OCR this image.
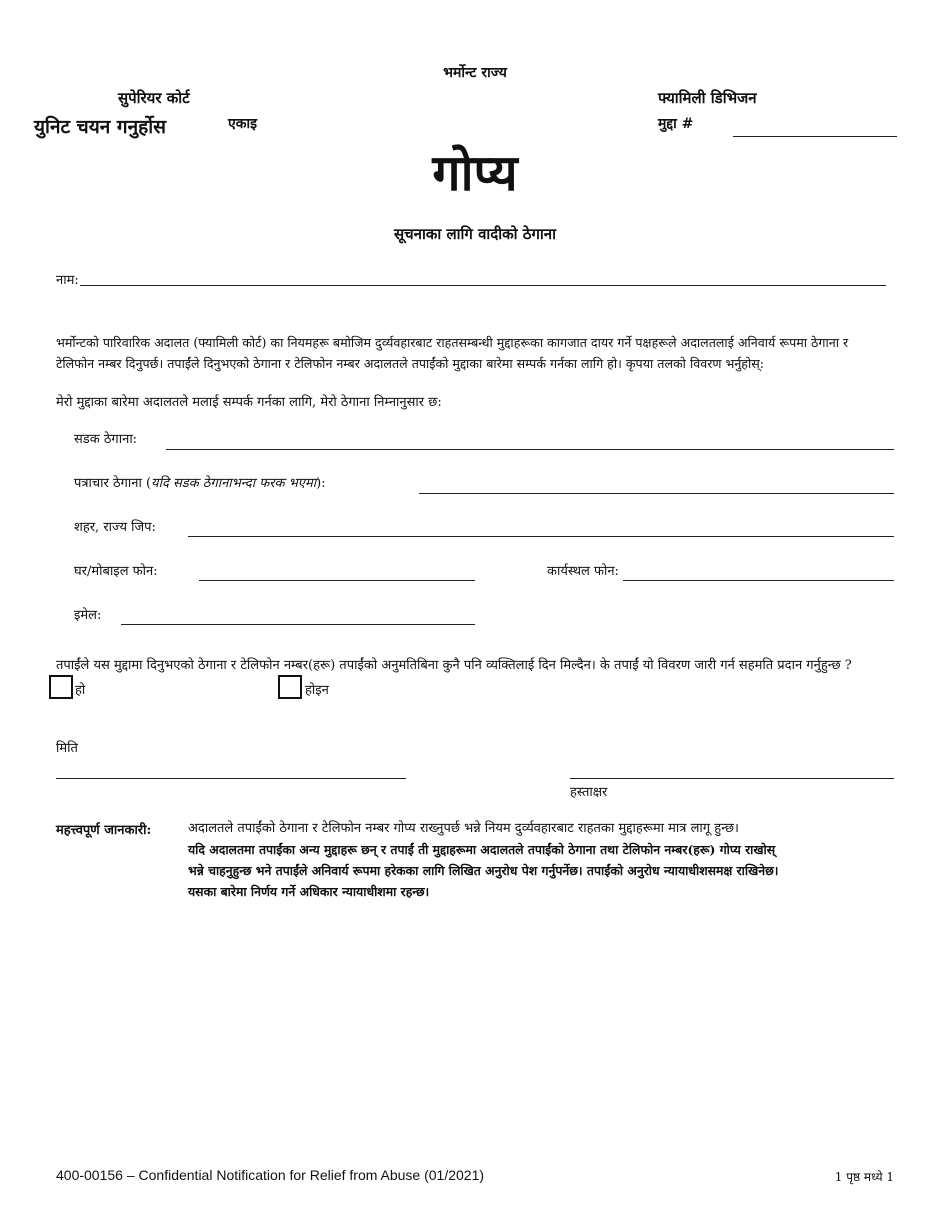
भर्मोन्ट राज्य
सुपेरियर कोर्ट
युनिट चयन गनुर्होस	एकाइ
फ्यामिली डिभिजन
मुद्दा #
गोप्य
सूचनाका लागि वादीको ठेगाना
नाम:
भर्मोन्टको पारिवारिक अदालत (फ्यामिली कोर्ट) का नियमहरू बमोजिम दुर्व्यवहारबाट राहतसम्बन्धी मुद्दाहरूका कागजात दायर गर्ने पक्षहरूले अदालतलाई अनिवार्य रूपमा ठेगाना र
टेलिफोन नम्बर दिनुपर्छ। तपाईंले दिनुभएको ठेगाना र टेलिफोन नम्बर अदालतले तपाईंको मुद्दाका बारेमा सम्पर्क गर्नका लागि हो। कृपया तलको विवरण भर्नुहोस्:
मेरो मुद्दाका बारेमा अदालतले मलाई सम्पर्क गर्नका लागि, मेरो ठेगाना निम्नानुसार छ:
सडक ठेगाना:
पत्राचार ठेगाना (यदि सडक ठेगानाभन्दा फरक भएमा):
शहर, राज्य जिप:
घर/मोबाइल फोन:	कार्यस्थल फोन:
इमेल:
तपाईंले यस मुद्दामा दिनुभएको ठेगाना र टेलिफोन नम्बर(हरू) तपाईंको अनुमतिबिना कुनै पनि व्यक्तिलाई दिन मिल्दैन। के तपाईं यो विवरण जारी गर्न सहमति प्रदान गर्नुहुन्छ ?
हो	होइन
मिति
हस्ताक्षर
महत्त्वपूर्ण जानकारी:	अदालतले तपाईंको ठेगाना र टेलिफोन नम्बर गोप्य राख्नुपर्छ भन्ने नियम दुर्व्यवहारबाट राहतका मुद्दाहरूमा मात्र लागू हुन्छ।
यदि अदालतमा तपाईंका अन्य मुद्दाहरू छन् र तपाईं ती मुद्दाहरूमा अदालतले तपाईंको ठेगाना तथा टेलिफोन नम्बर(हरू) गोप्य राखोस्
भन्ने चाहनुहुन्छ भने तपाईंले अनिवार्य रूपमा हरेकका लागि लिखित अनुरोध पेश गर्नुपर्नेछ। तपाईंको अनुरोध न्यायाधीशसमक्ष राखिनेछ।
यसका बारेमा निर्णय गर्ने अधिकार न्यायाधीशमा रहन्छ।
400-00156 – Confidential Notification for Relief from Abuse (01/2021)	1 पृष्ठ मध्ये 1
